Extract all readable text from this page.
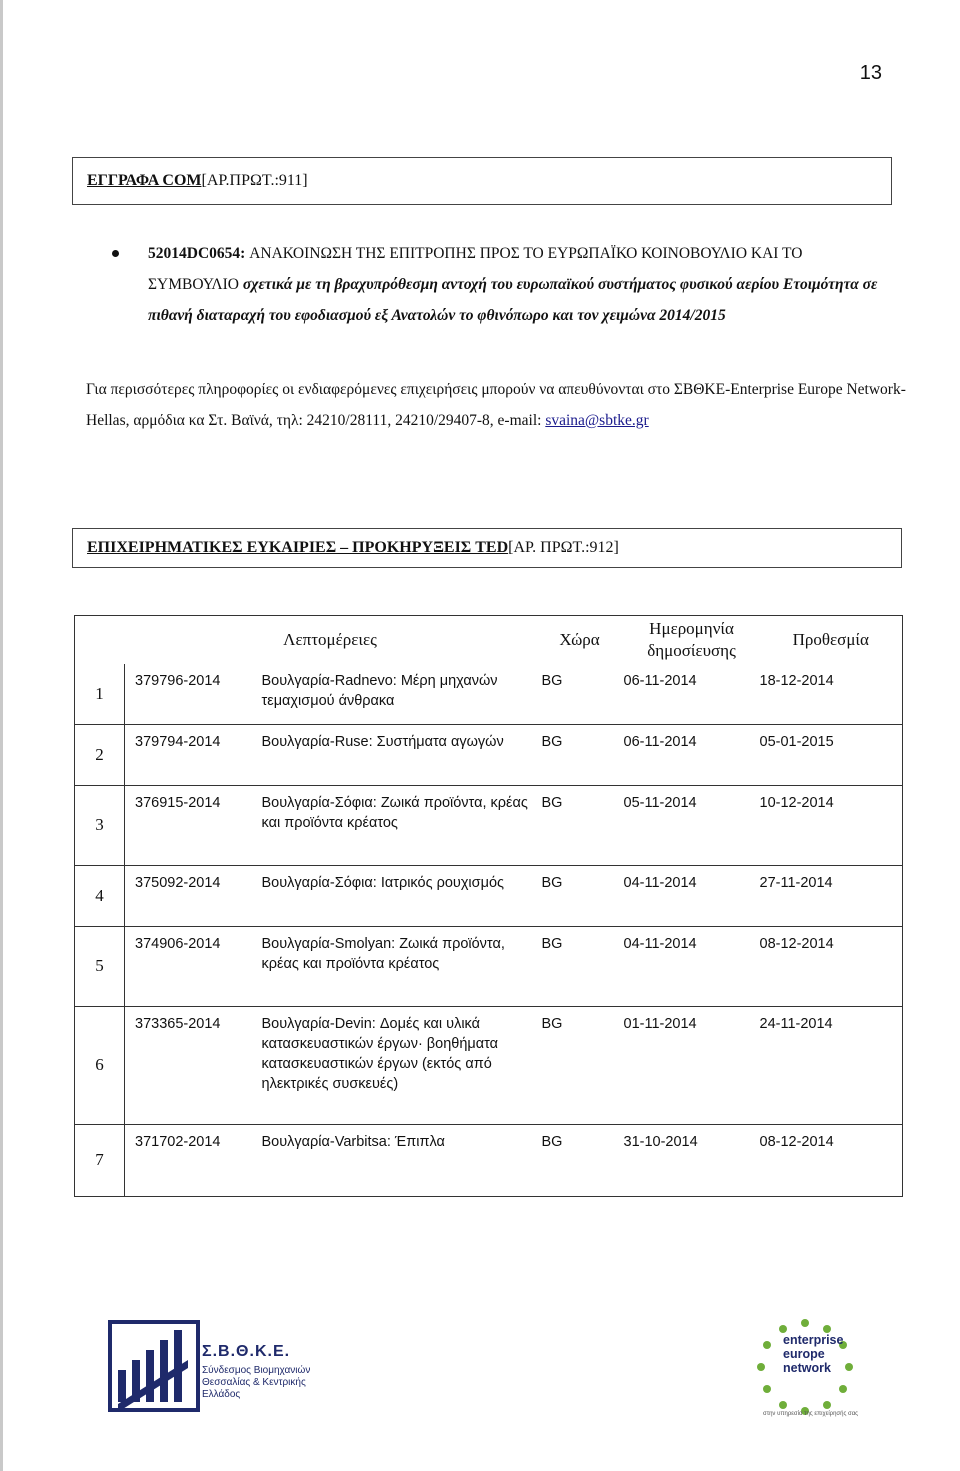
13
ΕΓΓΡΑΦΑ COM [ΑΡ.ΠΡΩΤ.:911]
52014DC0654: ΑΝΑΚΟΙΝΩΣΗ ΤΗΣ ΕΠΙΤΡΟΠΗΣ ΠΡΟΣ ΤΟ ΕΥΡΩΠΑΪΚΟ ΚΟΙΝΟΒΟΥΛΙΟ ΚΑΙ ΤΟ ΣΥΜΒΟΥΛΙΟ σχετικά με τη βραχυπρόθεσμη αντοχή του ευρωπαϊκού συστήματος φυσικού αερίου Ετοιμότητα σε πιθανή διαταραχή του εφοδιασμού εξ Ανατολών το φθινόπωρο και τον χειμώνα 2014/2015
Για περισσότερες πληροφορίες οι ενδιαφερόμενες επιχειρήσεις μπορούν να απευθύνονται στο ΣΒΘΚΕ-Enterprise Europe Network-Hellas, αρμόδια κα Στ. Βαϊνά, τηλ: 24210/28111, 24210/29407-8, e-mail: svaina@sbtke.gr
ΕΠΙΧΕΙΡΗΜΑΤΙΚΕΣ ΕΥΚΑΙΡΙΕΣ – ΠΡΟΚΗΡΥΞΕΙΣ TED [ΑΡ. ΠΡΩΤ.:912]
	Λεπτομέρειες		Χώρα	Ημερομηνία δημοσίευσης	Προθεσμία
1	379796-2014	Βουλγαρία-Radnevo: Μέρη μηχανών τεμαχισμού άνθρακα	BG	06-11-2014	18-12-2014
2	379794-2014	Βουλγαρία-Ruse: Συστήματα αγωγών	BG	06-11-2014	05-01-2015
3	376915-2014	Βουλγαρία-Σόφια: Ζωικά προϊόντα, κρέας και προϊόντα κρέατος	BG	05-11-2014	10-12-2014
4	375092-2014	Βουλγαρία-Σόφια: Ιατρικός ρουχισμός	BG	04-11-2014	27-11-2014
5	374906-2014	Βουλγαρία-Smolyan: Ζωικά προϊόντα, κρέας και προϊόντα κρέατος	BG	04-11-2014	08-12-2014
6	373365-2014	Βουλγαρία-Devin: Δομές και υλικά κατασκευαστικών έργων· βοηθήματα κατασκευαστικών έργων (εκτός από ηλεκτρικές συσκευές)	BG	01-11-2014	24-11-2014
7	371702-2014	Βουλγαρία-Varbitsa: Έπιπλα	BG	31-10-2014	08-12-2014
Σ.Β.Θ.Κ.Ε.
Σύνδεσμος Βιομηχανιών Θεσσαλίας & Κεντρικής Ελλάδος
enterprise
europe
network
στην υπηρεσία της επιχείρησής σας
